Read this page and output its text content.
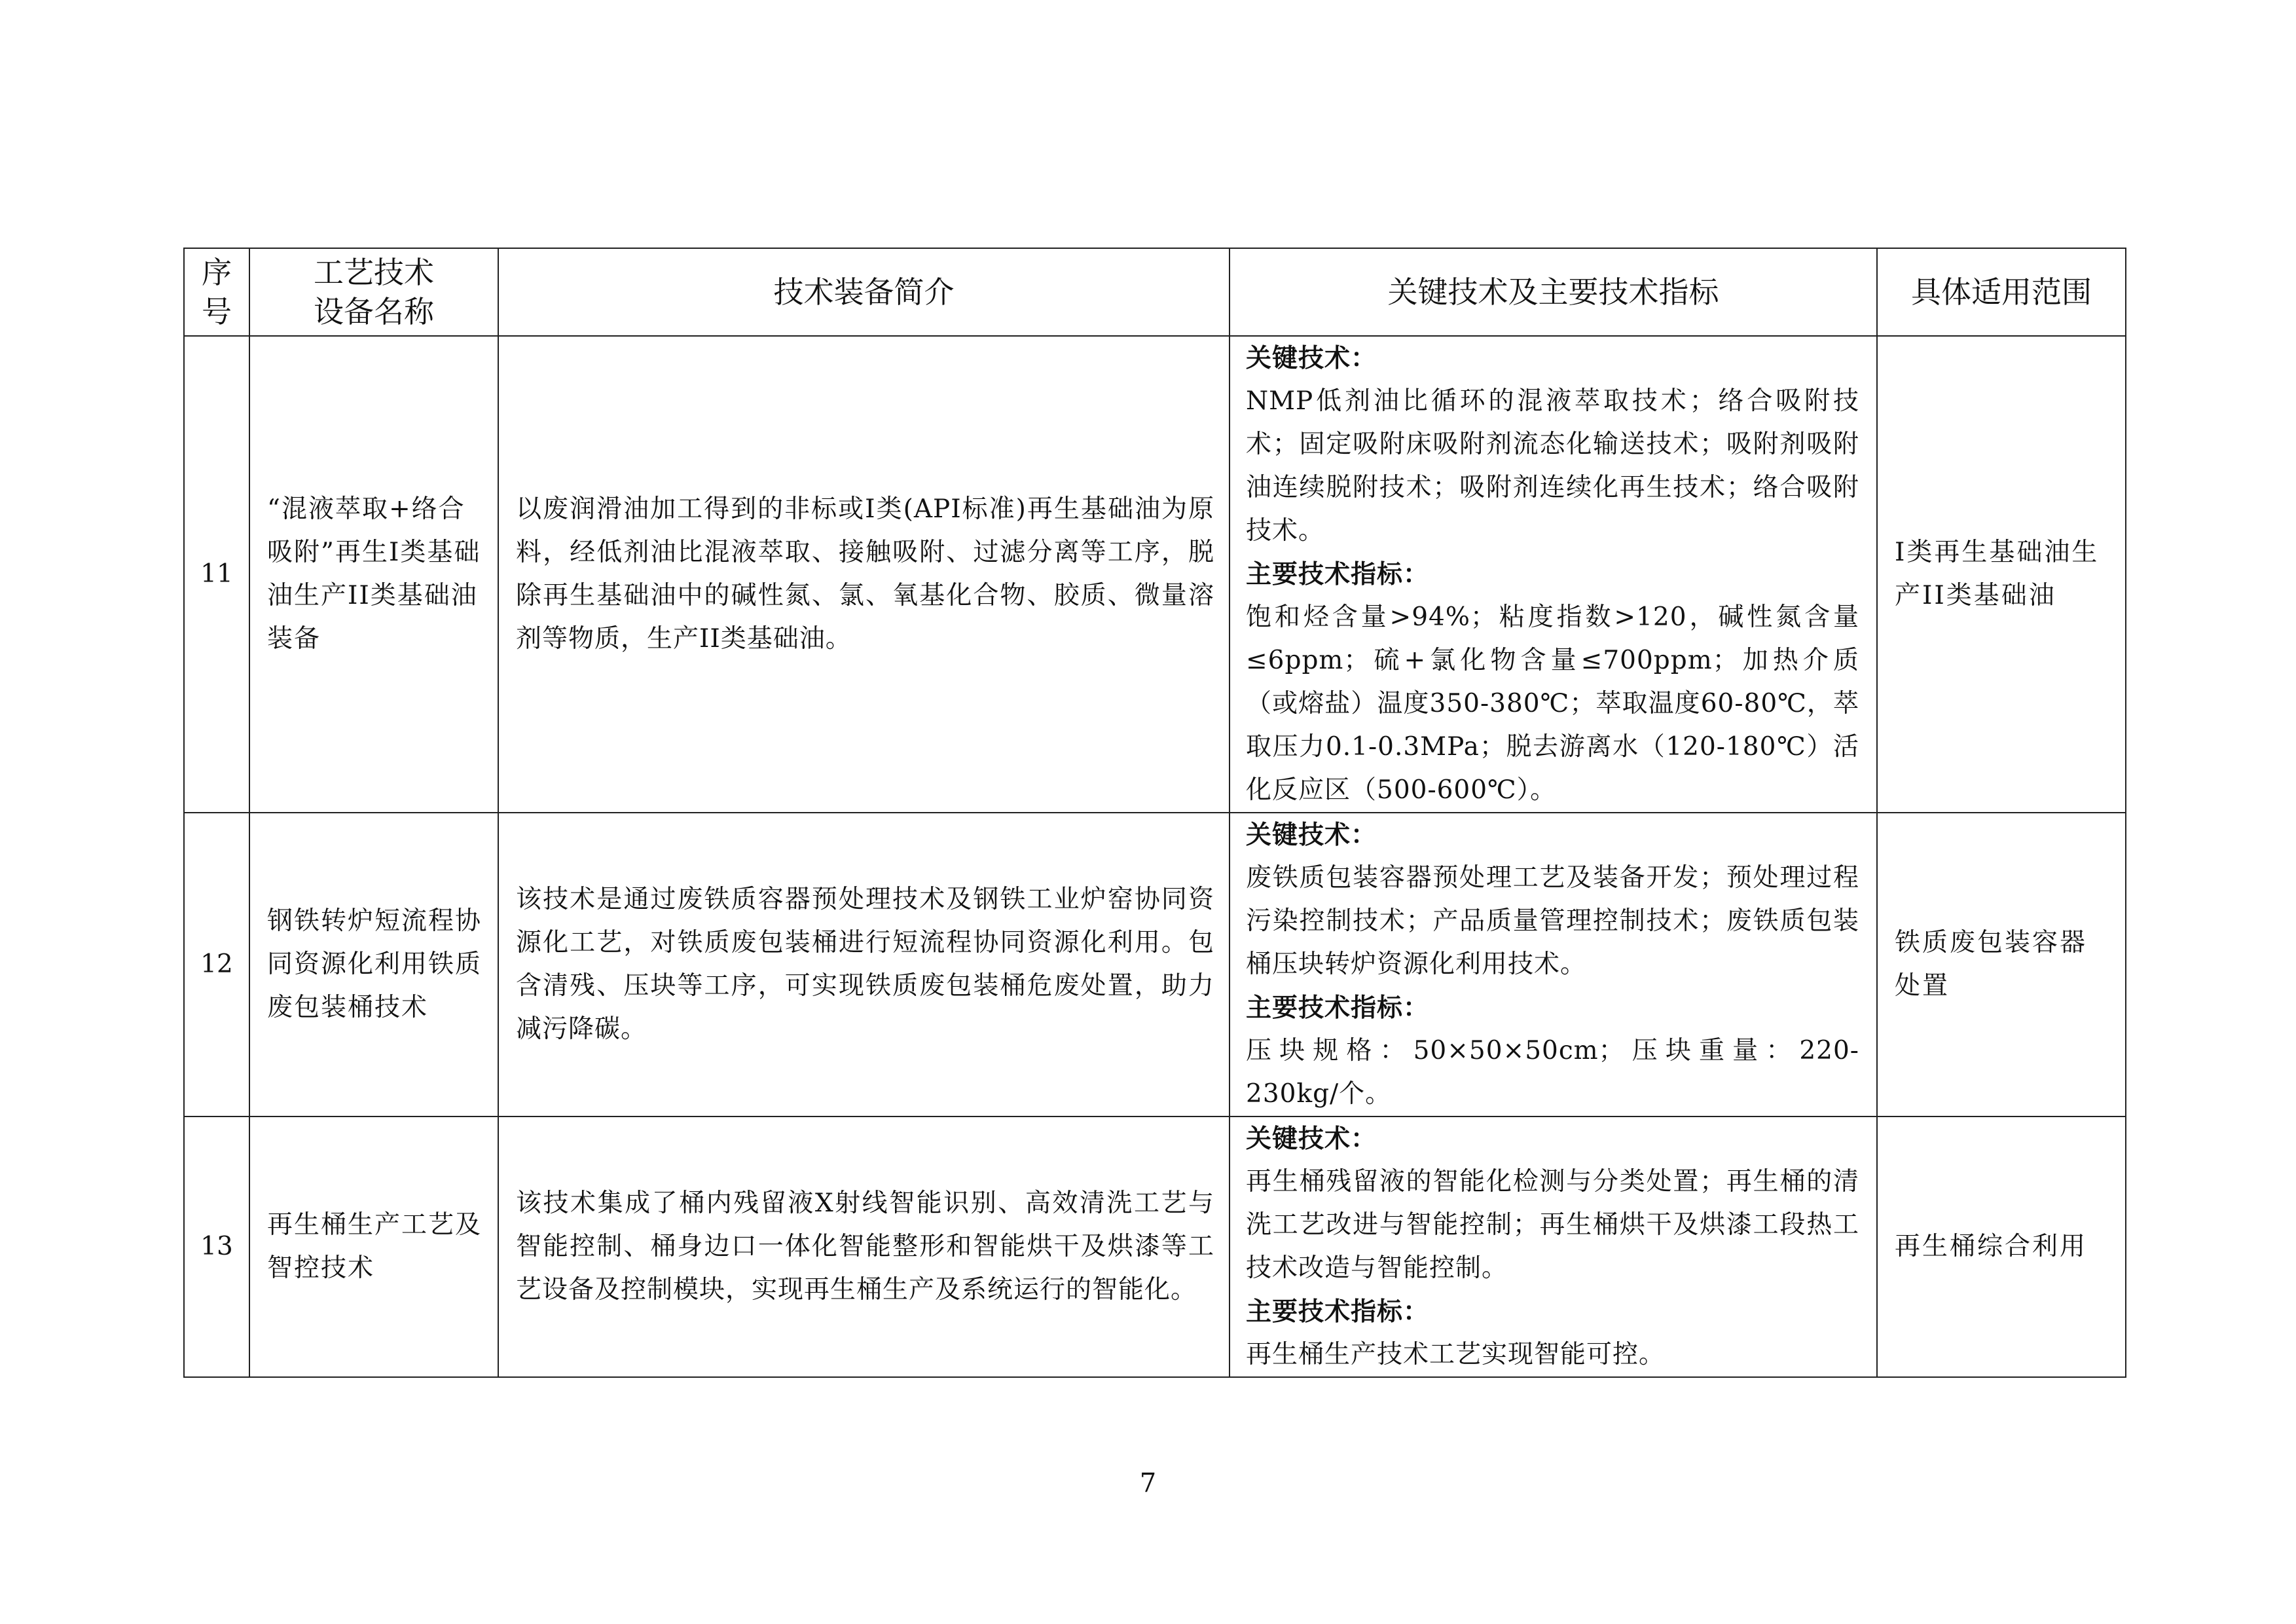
序
号	工艺技术
设备名称	技术装备简介	关键技术及主要技术指标	具体适用范围
11	“混液萃取+络合吸附”再生I类基础油生产II类基础油装备	以废润滑油加工得到的非标或I类(API标准)再生基础油为原料，经低剂油比混液萃取、接触吸附、过滤分离等工序，脱除再生基础油中的碱性氮、氯、氧基化合物、胶质、微量溶剂等物质，生产II类基础油。	关键技术：
NMP低剂油比循环的混液萃取技术；络合吸附技术；固定吸附床吸附剂流态化输送技术；吸附剂吸附油连续脱附技术；吸附剂连续化再生技术；络合吸附技术。
主要技术指标：
饱和烃含量>94%；粘度指数>120，碱性氮含量≤6ppm；硫+氯化物含量≤700ppm；加热介质（或熔盐）温度350-380℃；萃取温度60-80℃，萃取压力0.1-0.3MPa；脱去游离水（120-180℃）活化反应区（500-600℃）。	I类再生基础油生产II类基础油
12	钢铁转炉短流程协同资源化利用铁质废包装桶技术	该技术是通过废铁质容器预处理技术及钢铁工业炉窑协同资源化工艺，对铁质废包装桶进行短流程协同资源化利用。包含清残、压块等工序，可实现铁质废包装桶危废处置，助力减污降碳。	关键技术：
废铁质包装容器预处理工艺及装备开发；预处理过程污染控制技术；产品质量管理控制技术；废铁质包装桶压块转炉资源化利用技术。
主要技术指标：
压块规格：50×50×50cm；压块重量：220-230kg/个。	铁质废包装容器处置
13	再生桶生产工艺及智控技术	该技术集成了桶内残留液X射线智能识别、高效清洗工艺与智能控制、桶身边口一体化智能整形和智能烘干及烘漆等工艺设备及控制模块，实现再生桶生产及系统运行的智能化。	关键技术：
再生桶残留液的智能化检测与分类处置；再生桶的清洗工艺改进与智能控制；再生桶烘干及烘漆工段热工技术改造与智能控制。
主要技术指标：
再生桶生产技术工艺实现智能可控。	再生桶综合利用
7
